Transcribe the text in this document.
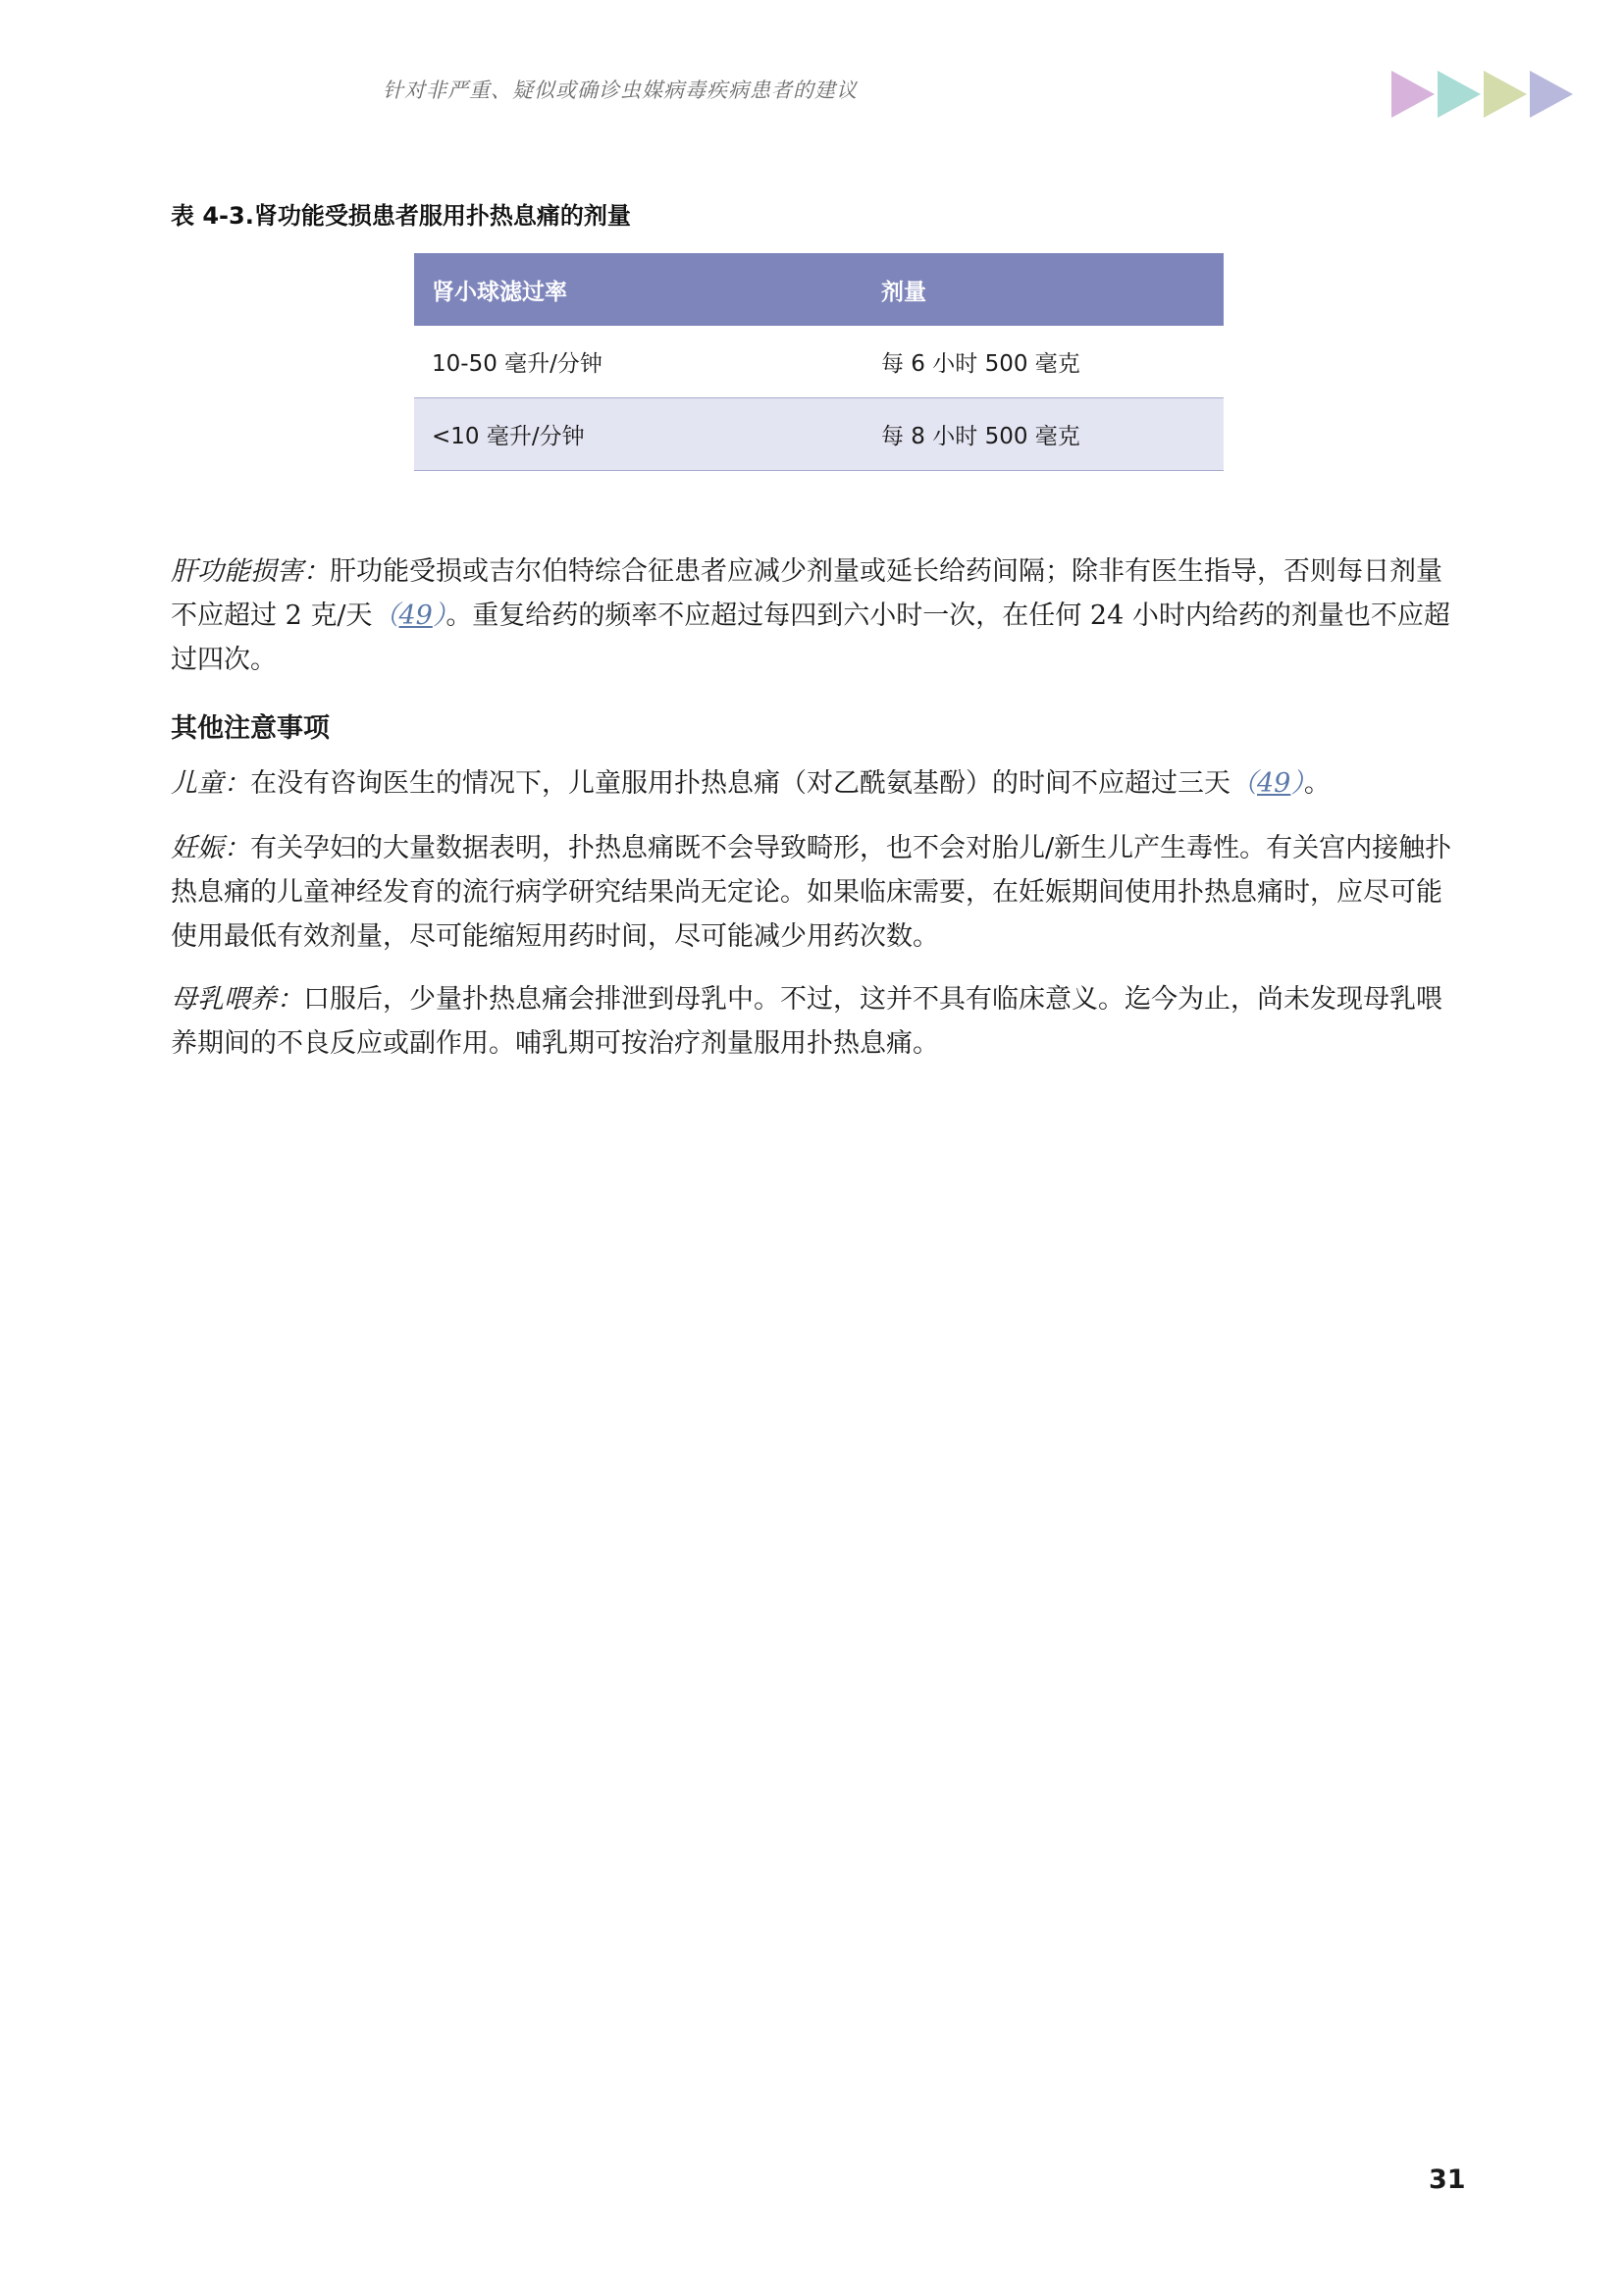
针对非严重、疑似或确诊虫媒病毒疾病患者的建议
表 4-3.肾功能受损患者服用扑热息痛的剂量
肾小球滤过率	剂量
10-50 毫升/分钟	每 6 小时 500 毫克
<10 毫升/分钟	每 8 小时 500 毫克

肝功能损害：肝功能受损或吉尔伯特综合征患者应减少剂量或延长给药间隔；除非有医生指导，否则每日剂量不应超过 2 克/天（49）。重复给药的频率不应超过每四到六小时一次，在任何 24 小时内给药的剂量也不应超过四次。

其他注意事项

儿童：在没有咨询医生的情况下，儿童服用扑热息痛（对乙酰氨基酚）的时间不应超过三天（49）。

妊娠：有关孕妇的大量数据表明，扑热息痛既不会导致畸形，也不会对胎儿/新生儿产生毒性。有关宫内接触扑热息痛的儿童神经发育的流行病学研究结果尚无定论。如果临床需要，在妊娠期间使用扑热息痛时，应尽可能使用最低有效剂量，尽可能缩短用药时间，尽可能减少用药次数。

母乳喂养：口服后，少量扑热息痛会排泄到母乳中。不过，这并不具有临床意义。迄今为止，尚未发现母乳喂养期间的不良反应或副作用。哺乳期可按治疗剂量服用扑热息痛。

31
